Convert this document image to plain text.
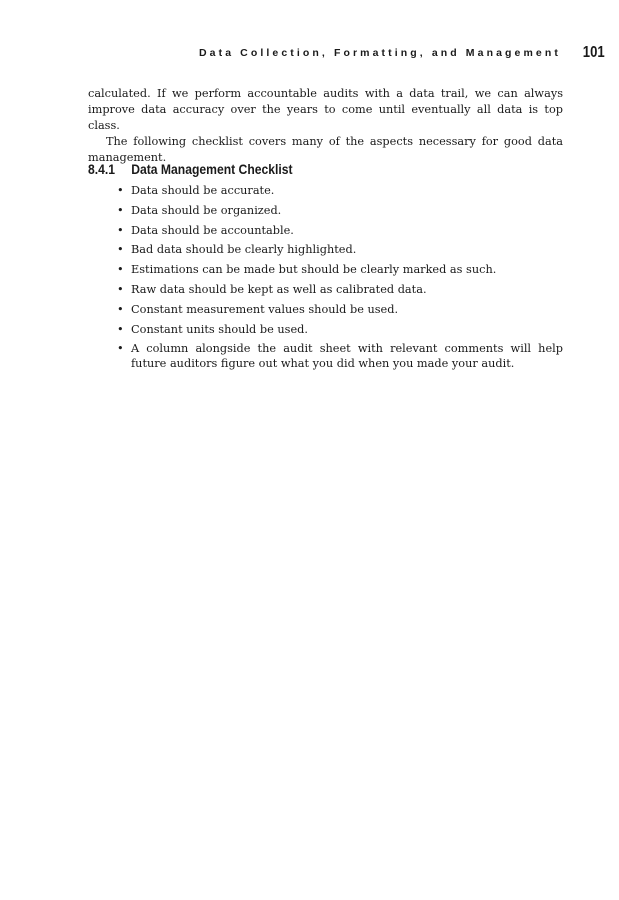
Data Collection, Formatting, and Management 101

calculated. If we perform accountable audits with a data trail, we can always improve data accuracy over the years to come until eventually all data is top class.

The following checklist covers many of the aspects necessary for good data management.

8.4.1 Data Management Checklist
• Data should be accurate.
• Data should be organized.
• Data should be accountable.
• Bad data should be clearly highlighted.
• Estimations can be made but should be clearly marked as such.
• Raw data should be kept as well as calibrated data.
• Constant measurement values should be used.
• Constant units should be used.
• A column alongside the audit sheet with relevant comments will help future auditors figure out what you did when you made your audit.
